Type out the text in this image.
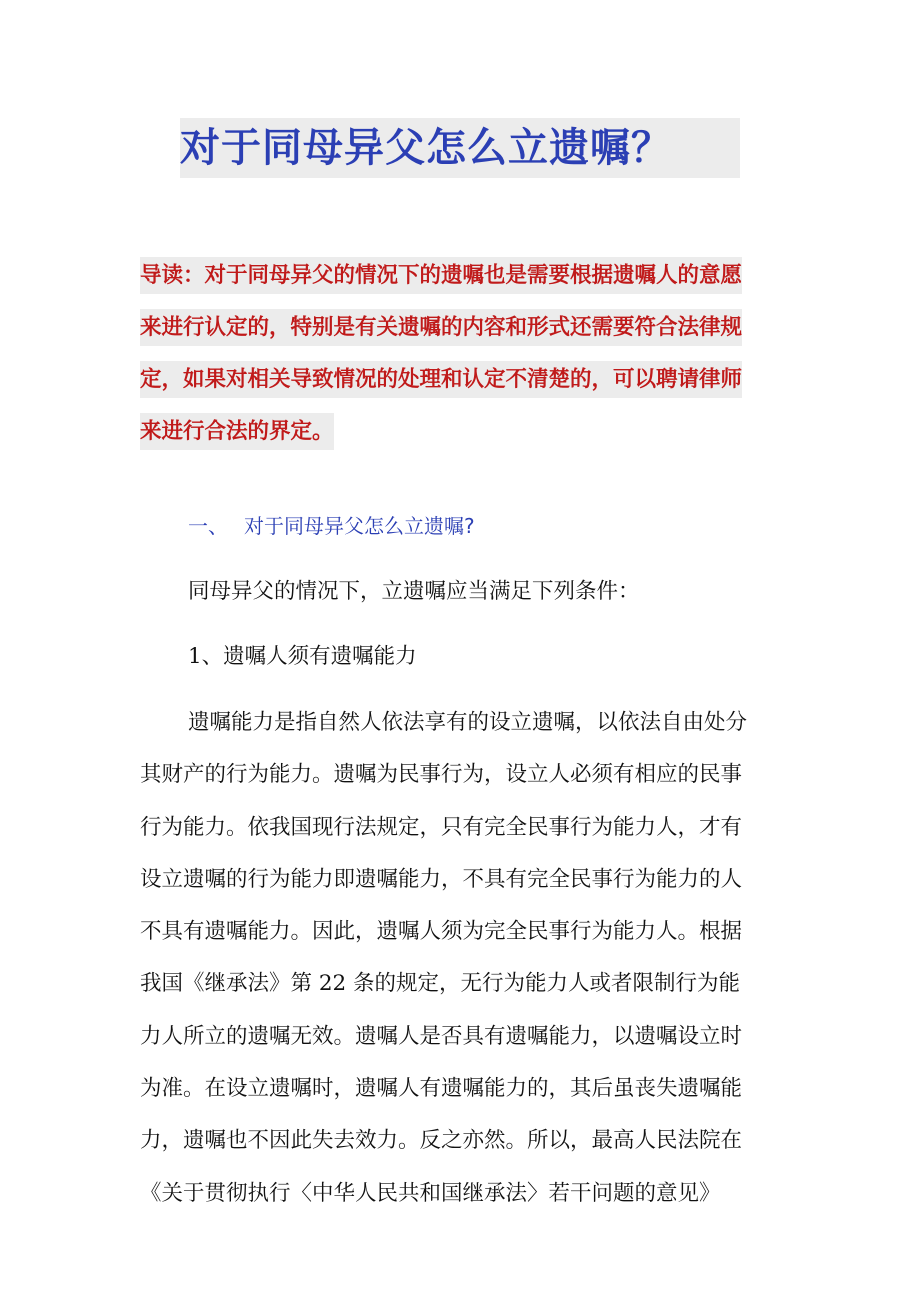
对于同母异父怎么立遗嘱？
导读：对于同母异父的情况下的遗嘱也是需要根据遗嘱人的意愿
来进行认定的，特别是有关遗嘱的内容和形式还需要符合法律规
定，如果对相关导致情况的处理和认定不清楚的，可以聘请律师
来进行合法的界定。
一、 对于同母异父怎么立遗嘱?
同母异父的情况下，立遗嘱应当满足下列条件：
1、遗嘱人须有遗嘱能力
遗嘱能力是指自然人依法享有的设立遗嘱，以依法自由处分
其财产的行为能力。遗嘱为民事行为，设立人必须有相应的民事
行为能力。依我国现行法规定，只有完全民事行为能力人，才有
设立遗嘱的行为能力即遗嘱能力，不具有完全民事行为能力的人
不具有遗嘱能力。因此，遗嘱人须为完全民事行为能力人。根据
我国《继承法》第 22 条的规定，无行为能力人或者限制行为能
力人所立的遗嘱无效。遗嘱人是否具有遗嘱能力，以遗嘱设立时
为准。在设立遗嘱时，遗嘱人有遗嘱能力的，其后虽丧失遗嘱能
力，遗嘱也不因此失去效力。反之亦然。所以，最高人民法院在
《关于贯彻执行〈中华人民共和国继承法〉若干问题的意见》
